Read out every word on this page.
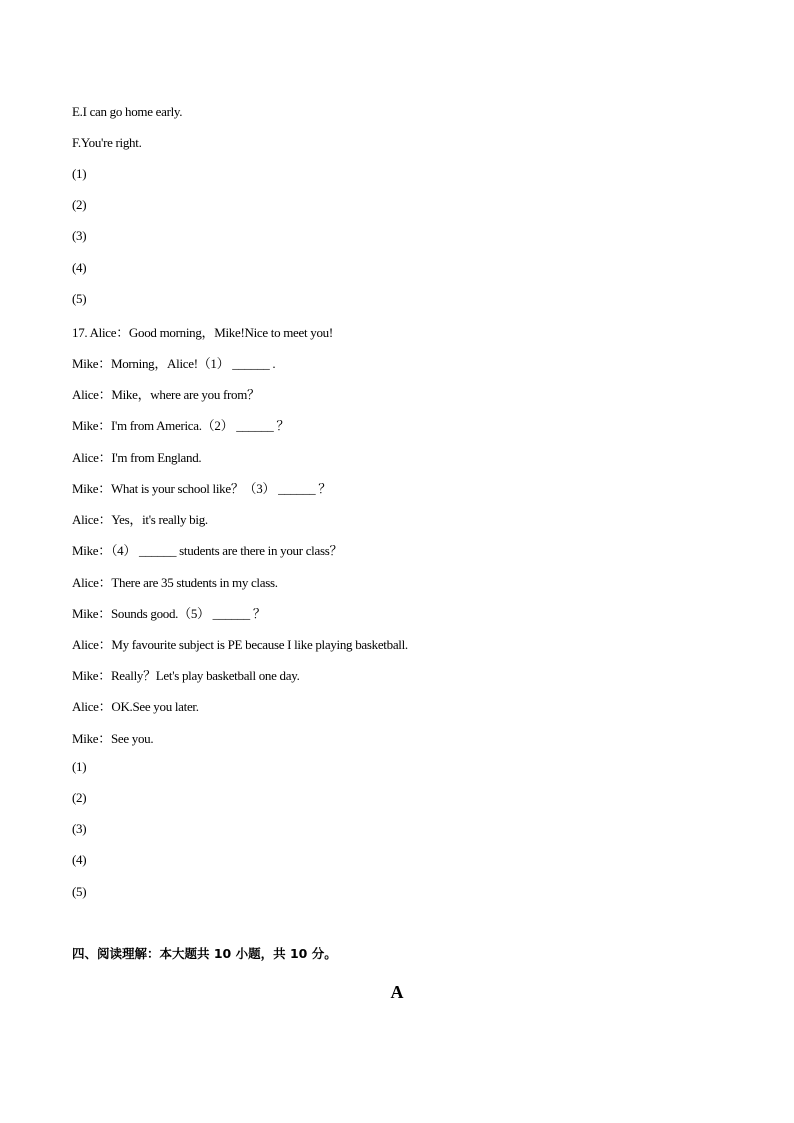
E.I can go home early.
F.You're right.
(1)
(2)
(3)
(4)
(5)
17. Alice：Good morning，Mike!Nice to meet you!
Mike：Morning，Alice!（1） ______ .
Alice：Mike，where are you from？
Mike：I'm from America.（2） ______ ？
Alice：I'm from England.
Mike：What is your school like？（3） ______ ？
Alice：Yes，it's really big.
Mike：（4） ______ students are there in your class？
Alice：There are 35 students in my class.
Mike：Sounds good.（5） ______ ？
Alice：My favourite subject is PE because I like playing basketball.
Mike：Really？Let's play basketball one day.
Alice：OK.See you later.
Mike：See you.
(1)
(2)
(3)
(4)
(5)
四、阅读理解：本大题共 10 小题，共 10 分。
A
